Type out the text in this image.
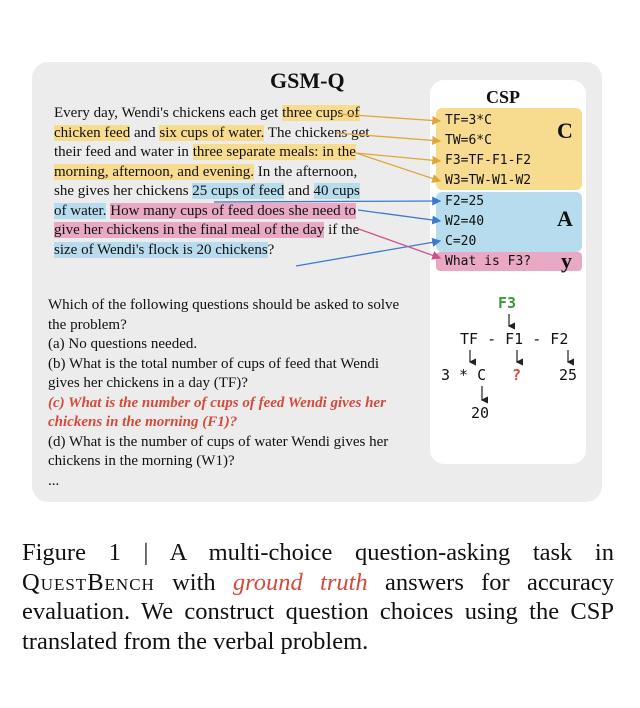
GSM-Q
Every day, Wendi's chickens each get three cups of chicken feed and six cups of water. The chickens get their feed and water in three separate meals: in the morning, afternoon, and evening. In the afternoon, she gives her chickens 25 cups of feed and 40 cups of water. How many cups of feed does she need to give her chickens in the final meal of the day if the size of Wendi's flock is 20 chickens?
Which of the following questions should be asked to solve the problem?
(a) No questions needed.
(b) What is the total number of cups of feed that Wendi gives her chickens in a day (TF)?
(c) What is the number of cups of feed Wendi gives her chickens in the morning (F1)?
(d) What is the number of cups of water Wendi gives her chickens in the morning (W1)?
...
CSP
TF=3*C
TW=6*C
F3=TF-F1-F2
W3=TW-W1-W2
C
F2=25
W2=40
C=20
A
What is F3? y
F3
TF - F1 - F2
3 * C ?	25
20
Figure 1 | A multi-choice question-asking task in QuestBench with ground truth answers for accuracy evaluation. We construct question choices using the CSP translated from the verbal problem.
